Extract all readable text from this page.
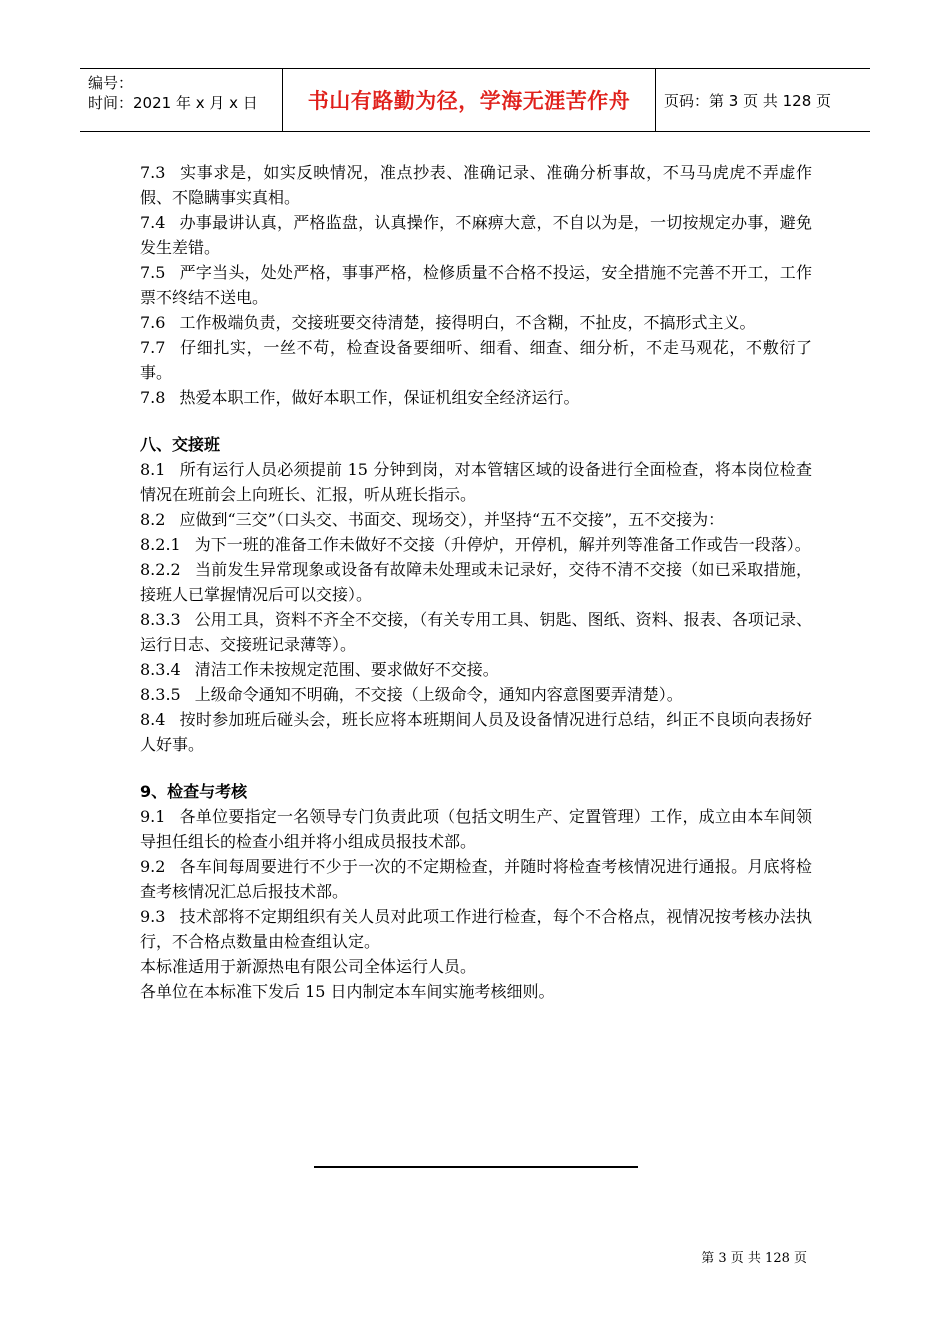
编号：
时间：2021 年 x 月 x 日	书山有路勤为径，学海无涯苦作舟 页码：第 3 页 共 128 页

7.3 实事求是，如实反映情况，准点抄表、准确记录、准确分析事故，不马马虎虎不弄虚作假、不隐瞒事实真相。

7.4 办事最讲认真，严格监盘，认真操作，不麻痹大意，不自以为是，一切按规定办事，避免发生差错。

7.5 严字当头，处处严格，事事严格，检修质量不合格不投运，安全措施不完善不开工，工作票不终结不送电。

7.6 工作极端负责，交接班要交待清楚，接得明白，不含糊，不扯皮，不搞形式主义。

7.7 仔细扎实，一丝不苟，检查设备要细听、细看、细查、细分析，不走马观花，不敷衍了事。

7.8 热爱本职工作，做好本职工作，保证机组安全经济运行。

八、交接班

8.1 所有运行人员必须提前 15 分钟到岗，对本管辖区域的设备进行全面检查，将本岗位检查情况在班前会上向班长、汇报，听从班长指示。

8.2 应做到“三交”（口头交、书面交、现场交），并坚持“五不交接”，五不交接为：

8.2.1 为下一班的准备工作未做好不交接（升停炉，开停机，解并列等准备工作或告一段落）。

8.2.2 当前发生异常现象或设备有故障未处理或未记录好，交待不清不交接（如已采取措施，接班人已掌握情况后可以交接）。

8.3.3 公用工具，资料不齐全不交接，（有关专用工具、钥匙、图纸、资料、报表、各项记录、运行日志、交接班记录薄等）。

8.3.4 清洁工作未按规定范围、要求做好不交接。

8.3.5 上级命令通知不明确，不交接（上级命令，通知内容意图要弄清楚）。

8.4 按时参加班后碰头会，班长应将本班期间人员及设备情况进行总结，纠正不良顷向表扬好人好事。

9、检查与考核

9.1 各单位要指定一名领导专门负责此项（包括文明生产、定置管理）工作，成立由本车间领导担任组长的检查小组并将小组成员报技术部。

9.2 各车间每周要进行不少于一次的不定期检查，并随时将检查考核情况进行通报。月底将检查考核情况汇总后报技术部。

9.3 技术部将不定期组织有关人员对此项工作进行检查，每个不合格点，视情况按考核办法执行，不合格点数量由检查组认定。

本标准适用于新源热电有限公司全体运行人员。

各单位在本标准下发后 15 日内制定本车间实施考核细则。

第 3 页 共 128 页
